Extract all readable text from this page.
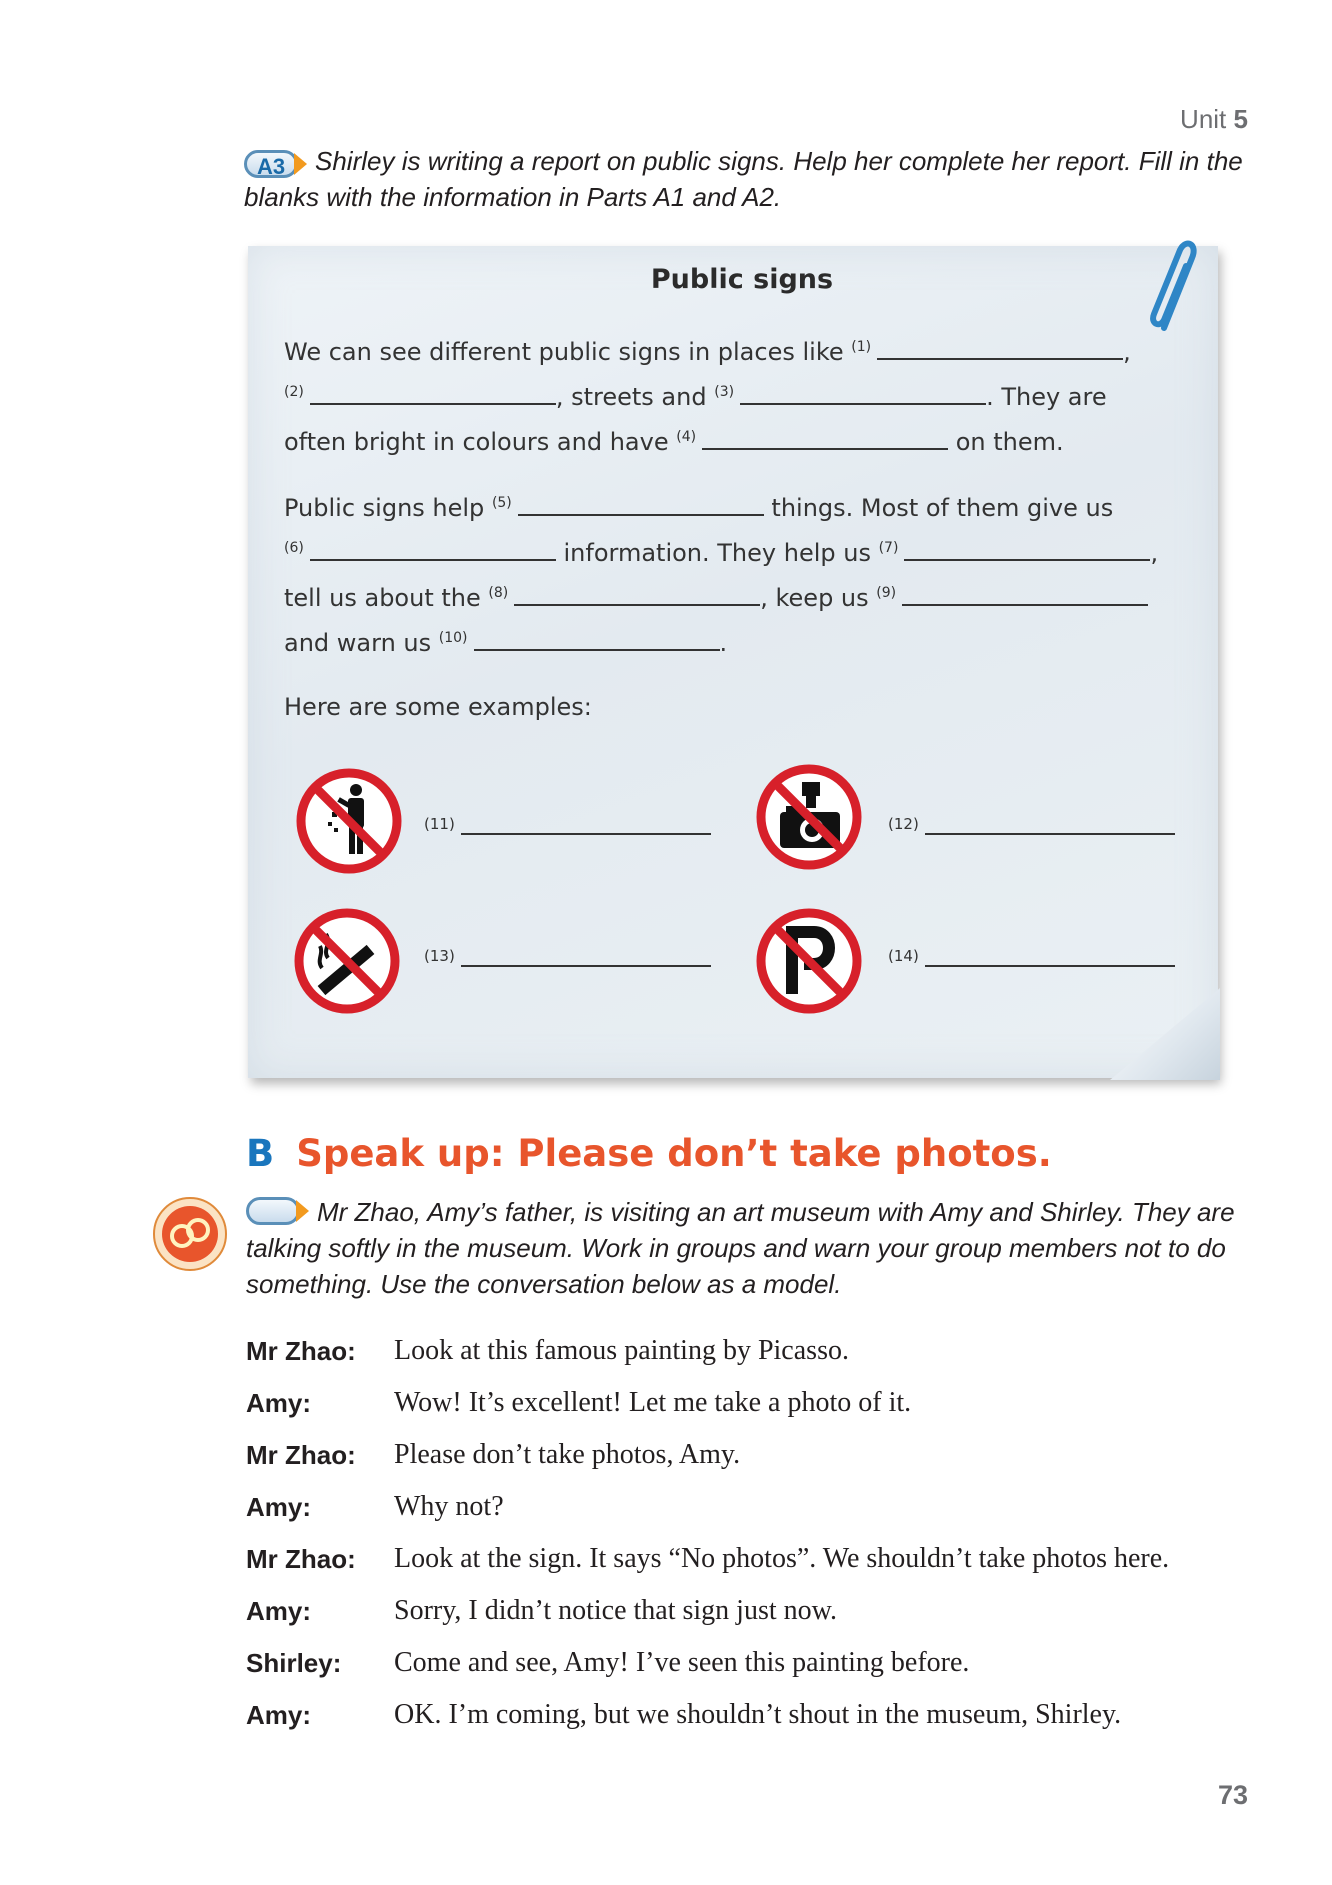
Unit 5
A3	Shirley is writing a report on public signs. Help her complete her report. Fill in the blanks with the information in Parts A1 and A2.
Public signs
We can see different public signs in places like $^{(1)}$	,
$^{(2)}$	, streets and $^{(3)}$	. They are
often bright in colours and have $^{(4)}$	on them.
Public signs help $^{(5)}$	things. Most of them give us
$^{(6)}$	information. They help us $^{(7)}$	,
tell us about the $^{(8)}$	, keep us $^{(9)}$
and warn us $^{(10)}$	.
Here are some examples:
(11)	(12)
(13)	(14)
B Speak up: Please don’t take photos.
Mr Zhao, Amy’s father, is visiting an art museum with Amy and Shirley. They are talking softly in the museum. Work in groups and warn your group members not to do something. Use the conversation below as a model.
Mr Zhao:	Look at this famous painting by Picasso.
Amy:	Wow! It’s excellent! Let me take a photo of it.
Mr Zhao:	Please don’t take photos, Amy.
Amy:	Why not?
Mr Zhao:	Look at the sign. It says “No photos”. We shouldn’t take photos here.
Amy:	Sorry, I didn’t notice that sign just now.
Shirley:	Come and see, Amy! I’ve seen this painting before.
Amy:	OK. I’m coming, but we shouldn’t shout in the museum, Shirley.
73
